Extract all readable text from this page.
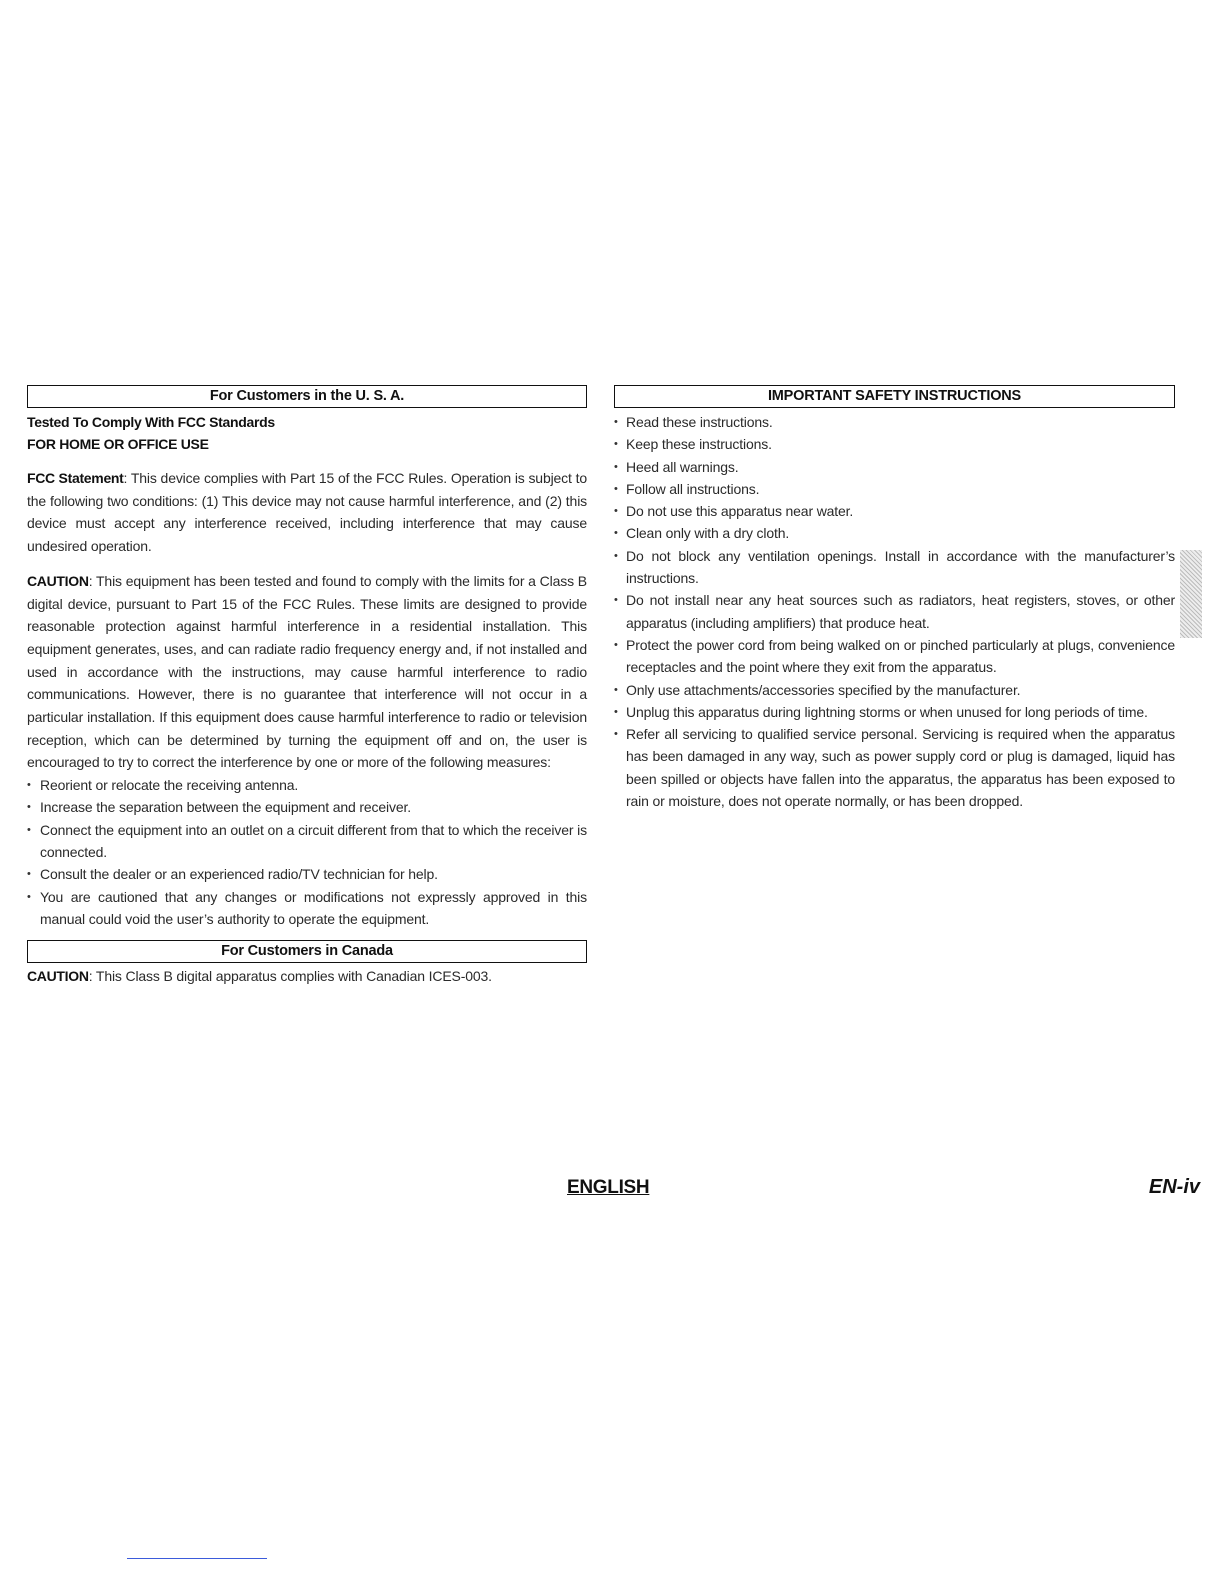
For Customers in the U. S. A.
Tested To Comply With FCC Standards
FOR HOME OR OFFICE USE

FCC Statement: This device complies with Part 15 of the FCC Rules. Operation is subject to the following two conditions: (1) This device may not cause harmful interference, and (2) this device must accept any interference received, including interference that may cause undesired operation.

CAUTION: This equipment has been tested and found to comply with the limits for a Class B digital device, pursuant to Part 15 of the FCC Rules. These limits are designed to provide reasonable protection against harmful interference in a residential installation. This equipment generates, uses, and can radiate radio frequency energy and, if not installed and used in accordance with the instructions, may cause harmful interference to radio communications. However, there is no guarantee that interference will not occur in a particular installation. If this equipment does cause harmful interference to radio or television reception, which can be determined by turning the equipment off and on, the user is encouraged to try to correct the interference by one or more of the following measures:

• Reorient or relocate the receiving antenna.
• Increase the separation between the equipment and receiver.
• Connect the equipment into an outlet on a circuit different from that to which the receiver is connected.
• Consult the dealer or an experienced radio/TV technician for help.
• You are cautioned that any changes or modifications not expressly approved in this manual could void the user’s authority to operate the equipment.
For Customers in Canada

CAUTION: This Class B digital apparatus complies with Canadian ICES-003.

IMPORTANT SAFETY INSTRUCTIONS
• Read these instructions.
• Keep these instructions.
• Heed all warnings.
• Follow all instructions.
• Do not use this apparatus near water.
• Clean only with a dry cloth.
• Do not block any ventilation openings. Install in accordance with the manufacturer’s instructions.
• Do not install near any heat sources such as radiators, heat registers, stoves, or other apparatus (including amplifiers) that produce heat.
• Protect the power cord from being walked on or pinched particularly at plugs, convenience receptacles and the point where they exit from the apparatus.
• Only use attachments/accessories specified by the manufacturer.
• Unplug this apparatus during lightning storms or when unused for long periods of time.
• Refer all servicing to qualified service personal. Servicing is required when the apparatus has been damaged in any way, such as power supply cord or plug is damaged, liquid has been spilled or objects have fallen into the apparatus, the apparatus has been exposed to rain or moisture, does not operate normally, or has been dropped.
ENGLISH	EN-iv
